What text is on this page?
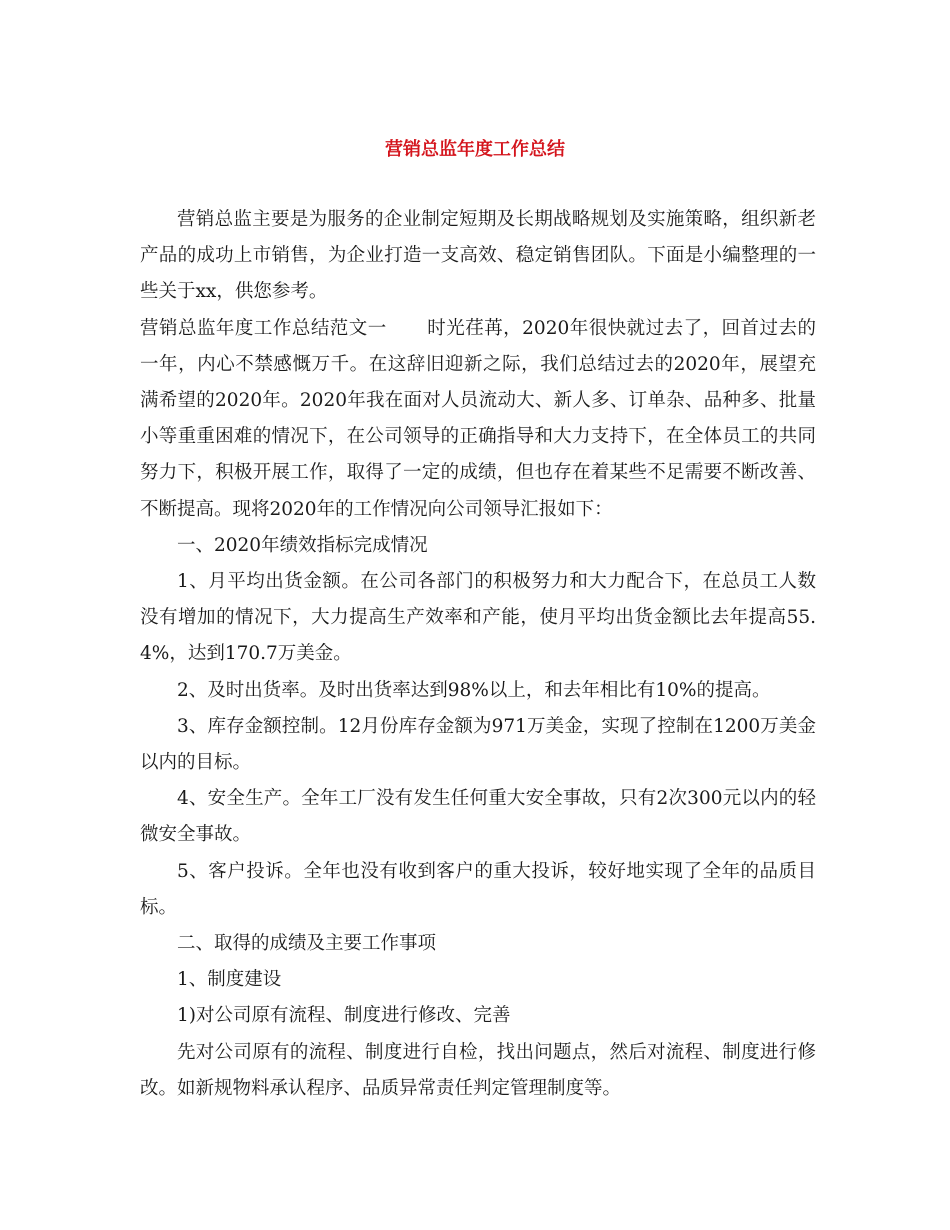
营销总监年度工作总结

营销总监主要是为服务的企业制定短期及长期战略规划及实施策略，组织新老产品的成功上市销售，为企业打造一支高效、稳定销售团队。下面是小编整理的一些关于xx，供您参考。

营销总监年度工作总结范文一 时光荏苒，2020年很快就过去了，回首过去的一年，内心不禁感慨万千。在这辞旧迎新之际，我们总结过去的2020年，展望充满希望的2020年。2020年我在面对人员流动大、新人多、订单杂、品种多、批量小等重重困难的情况下，在公司领导的正确指导和大力支持下，在全体员工的共同努力下，积极开展工作，取得了一定的成绩，但也存在着某些不足需要不断改善、不断提高。现将2020年的工作情况向公司领导汇报如下：

一、2020年绩效指标完成情况

1、月平均出货金额。在公司各部门的积极努力和大力配合下，在总员工人数没有增加的情况下，大力提高生产效率和产能，使月平均出货金额比去年提高55.4%，达到170.7万美金。

2、及时出货率。及时出货率达到98%以上，和去年相比有10%的提高。

3、库存金额控制。12月份库存金额为971万美金，实现了控制在1200万美金以内的目标。

4、安全生产。全年工厂没有发生任何重大安全事故，只有2次300元以内的轻微安全事故。

5、客户投诉。全年也没有收到客户的重大投诉，较好地实现了全年的品质目标。

二、取得的成绩及主要工作事项

1、制度建设

1)对公司原有流程、制度进行修改、完善

先对公司原有的流程、制度进行自检，找出问题点，然后对流程、制度进行修改。如新规物料承认程序、品质异常责任判定管理制度等。
